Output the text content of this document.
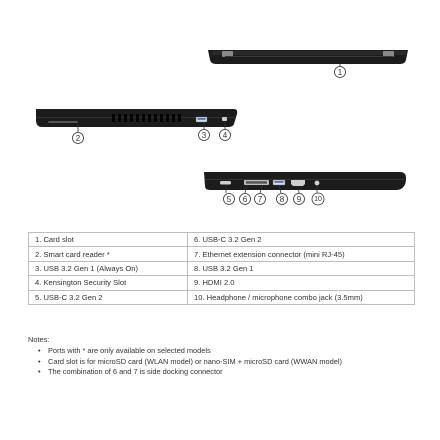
1
2	3 4
5 6 7 8 9 10
1. Card slot	6. USB-C 3.2 Gen 2
2. Smart card reader *	7. Ethernet extension connector (mini RJ-45)
3. USB 3.2 Gen 1 (Always On)	8. USB 3.2 Gen 1
4. Kensington Security Slot	9. HDMI 2.0
5. USB-C 3.2 Gen 2	10. Headphone / microphone combo jack (3.5mm)
Notes:
• Ports with * are only available on selected models
• Card slot is for microSD card (WLAN model) or nano-SIM + microSD card (WWAN model)
• The combination of 6 and 7 is side docking connector
